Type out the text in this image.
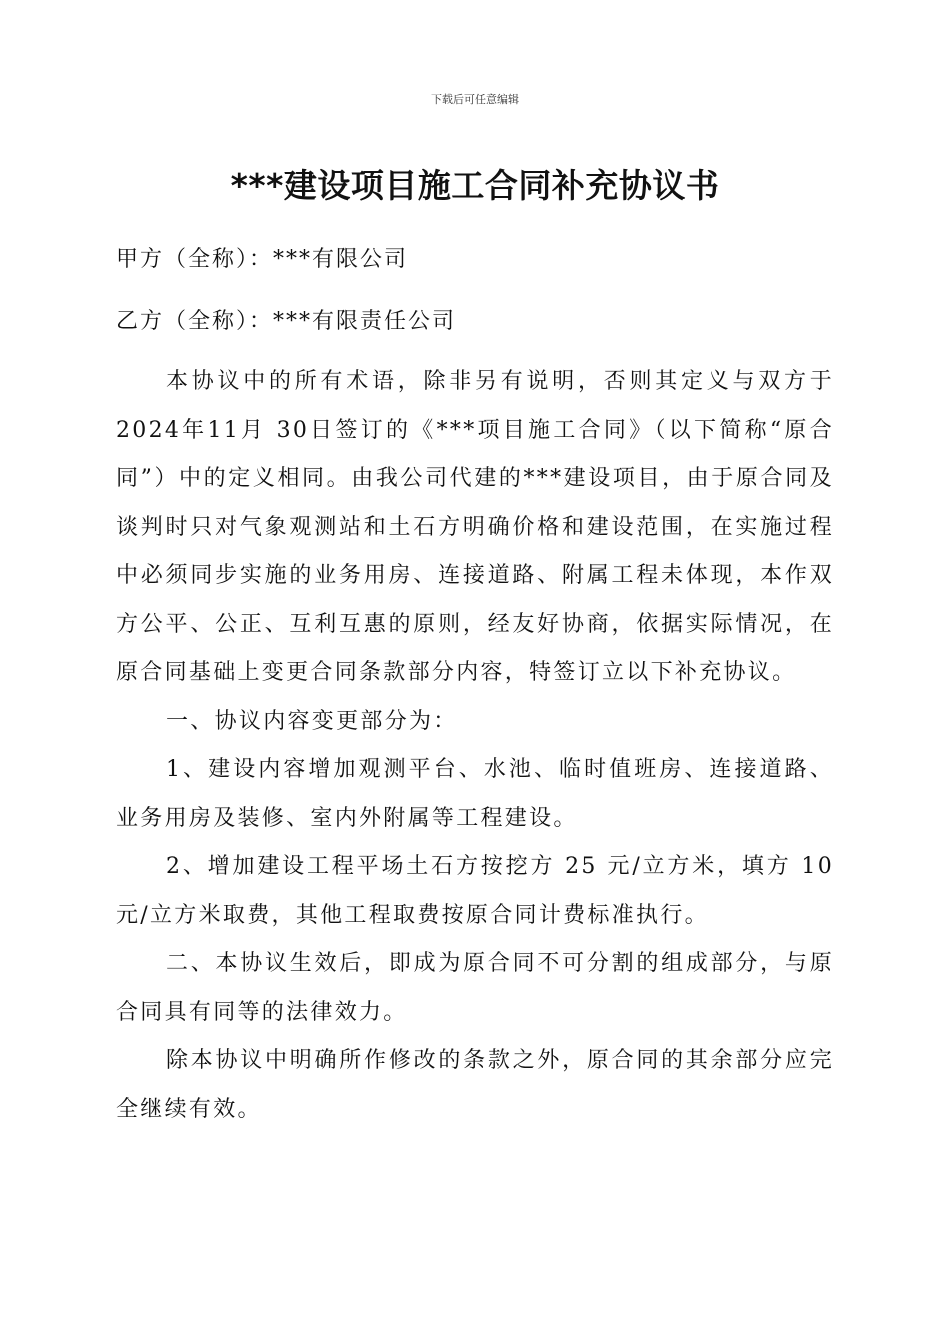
下载后可任意编辑
***建设项目施工合同补充协议书
甲方（全称）：***有限公司
乙方（全称）：***有限责任公司

本协议中的所有术语，除非另有说明，否则其定义与双方于2024年11月 30日签订的《***项目施工合同》（以下简称“原合同”）中的定义相同。由我公司代建的***建设项目，由于原合同及谈判时只对气象观测站和土石方明确价格和建设范围，在实施过程中必须同步实施的业务用房、连接道路、附属工程未体现，本作双方公平、公正、互利互惠的原则，经友好协商，依据实际情况，在原合同基础上变更合同条款部分内容，特签订立以下补充协议。

一、协议内容变更部分为：

1、建设内容增加观测平台、水池、临时值班房、连接道路、业务用房及装修、室内外附属等工程建设。

2、增加建设工程平场土石方按挖方 25 元/立方米，填方 10元/立方米取费，其他工程取费按原合同计费标准执行。

二、本协议生效后，即成为原合同不可分割的组成部分，与原合同具有同等的法律效力。

除本协议中明确所作修改的条款之外，原合同的其余部分应完全继续有效。
